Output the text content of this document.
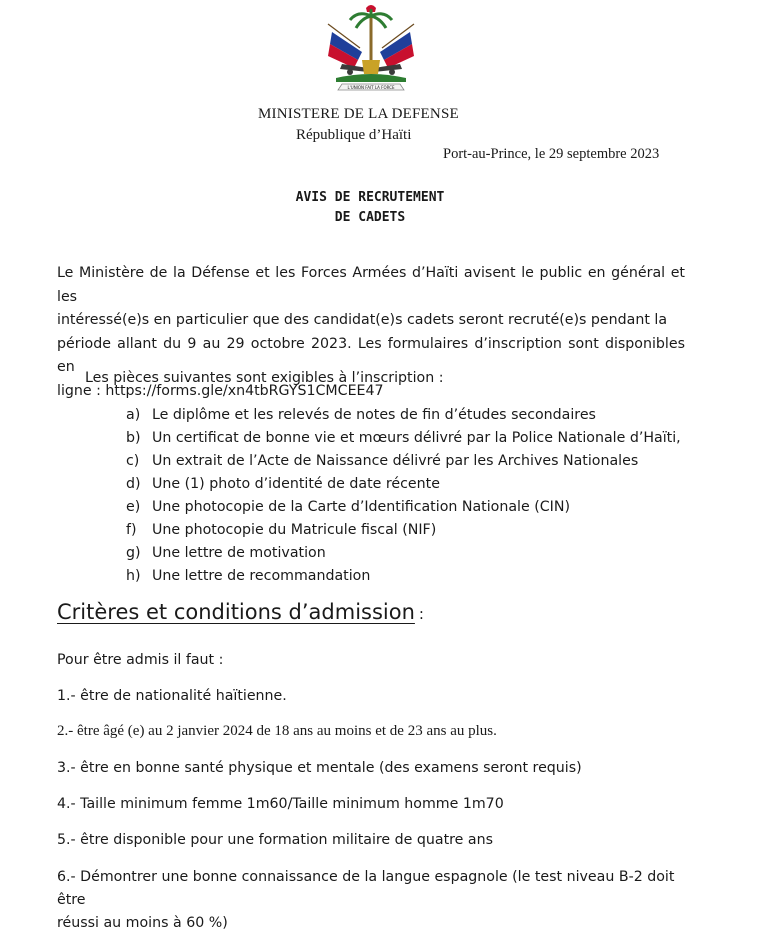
L'UNION FAIT LA FORCE
MINISTERE DE LA DEFENSE
République d’Haïti
Port-au-Prince, le 29 septembre 2023
AVIS DE RECRUTEMENT
DE CADETS
Le Ministère de la Défense et les Forces Armées d’Haïti avisent le public en général et les
intéressé(e)s en particulier que des candidat(e)s cadets seront recruté(e)s pendant la
période allant du 9 au 29 octobre 2023. Les formulaires d’inscription sont disponibles en
ligne : https://forms.gle/xn4tbRGYS1CMCEE47
Les pièces suivantes sont exigibles à l’inscription :
a) Le diplôme et les relevés de notes de fin d’études secondaires
b) Un certificat de bonne vie et mœurs délivré par la Police Nationale d’Haïti,
c) Un extrait de l’Acte de Naissance délivré par les Archives Nationales
d) Une (1) photo d’identité de date récente
e) Une photocopie de la Carte d’Identification Nationale (CIN)
f)	Une photocopie du Matricule fiscal (NIF)
g) Une lettre de motivation
h) Une lettre de recommandation
Critères et conditions d’admission :
Pour être admis il faut :
1.- être de nationalité haïtienne.
2.- être âgé (e) au 2 janvier 2024 de 18 ans au moins et de 23 ans au plus.
3.- être en bonne santé physique et mentale (des examens seront requis)
4.- Taille minimum femme 1m60/Taille minimum homme 1m70
5.- être disponible pour une formation militaire de quatre ans
6.- Démontrer une bonne connaissance de la langue espagnole (le test niveau B-2 doit être
réussi au moins à 60 %)
